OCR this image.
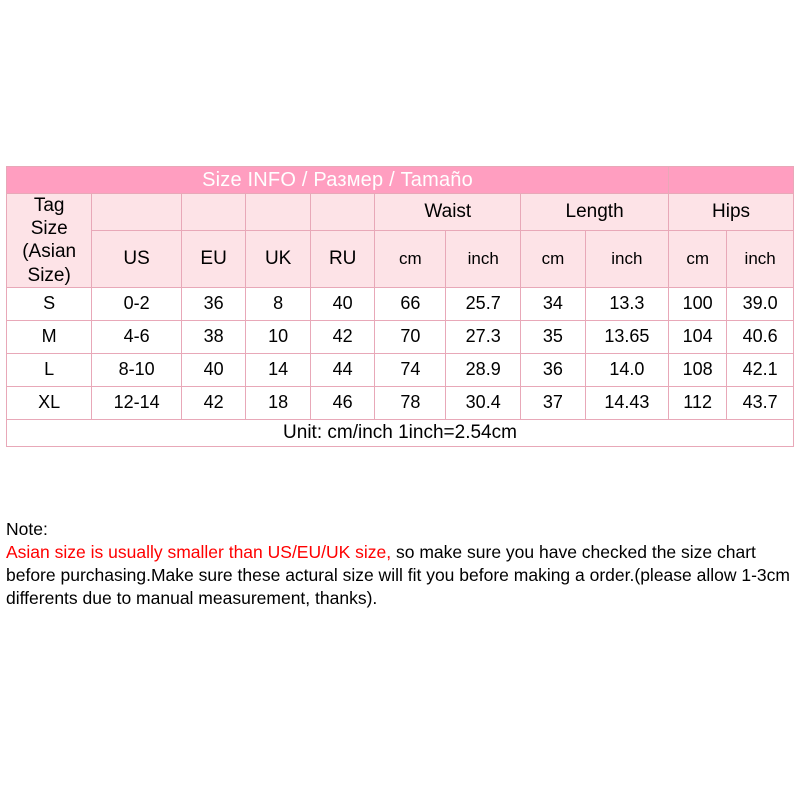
Size INFO / Размер / Tamaño										

Tag
Size
(Asian
Size)					Waist		Length		Hips	
	US	EU	UK	RU	cm	inch	cm	inch	cm	inch
S	0-2	36	8	40	66	25.7	34	13.3	100	39.0
M	4-6	38	10	42	70	27.3	35	13.65	104	40.6
L	8-10	40	14	44	74	28.9	36	14.0	108	42.1
XL	12-14	42	18	46	78	30.4	37	14.43	112	43.7
Unit: cm/inch 1inch=2.54cm										
Note:
Asian size is usually smaller than US/EU/UK size, so make sure you have checked the size chart before purchasing.Make sure these actural size will fit you before making a order.(please allow 1-3cm differents due to manual measurement, thanks).
